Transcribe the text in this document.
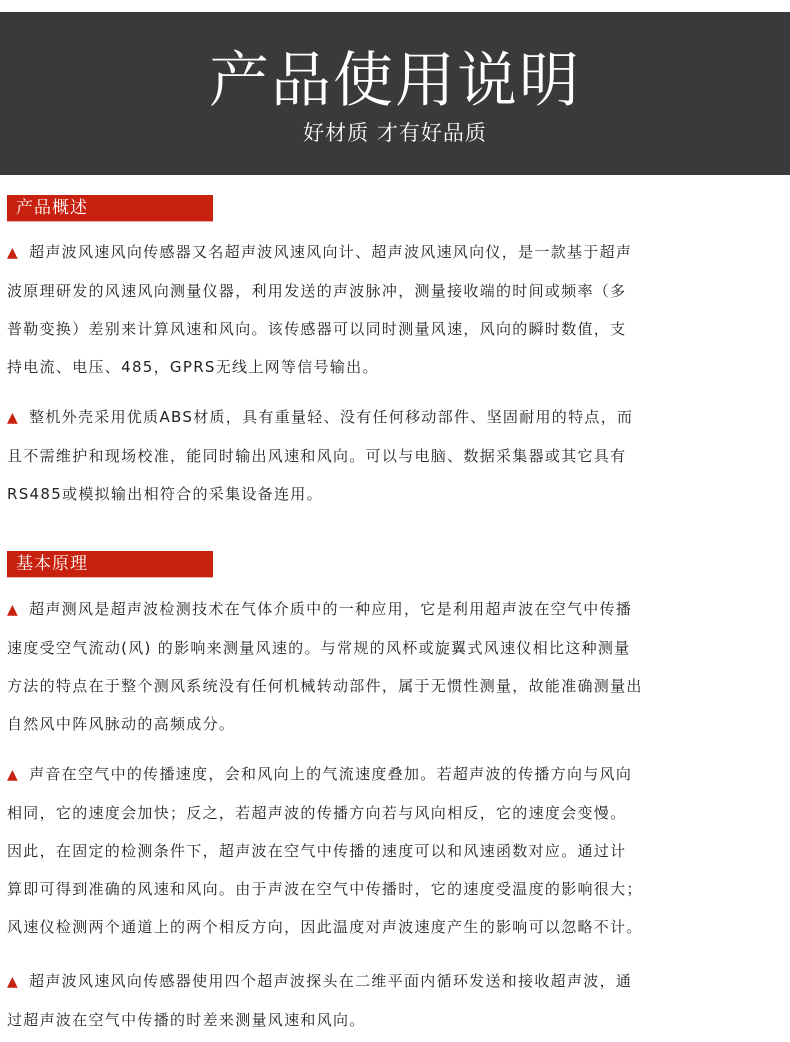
产品使用说明
好材质 才有好品质
产品概述
▲ 超声波风速风向传感器又名超声波风速风向计、超声波风速风向仪，是一款基于超声
波原理研发的风速风向测量仪器，利用发送的声波脉冲，测量接收端的时间或频率（多
普勒变换）差别来计算风速和风向。该传感器可以同时测量风速，风向的瞬时数值，支
持电流、电压、485，GPRS无线上网等信号输出。
▲ 整机外壳采用优质ABS材质，具有重量轻、没有任何移动部件、坚固耐用的特点，而
且不需维护和现场校准，能同时输出风速和风向。可以与电脑、数据采集器或其它具有
RS485或模拟输出相符合的采集设备连用。
基本原理
▲ 超声测风是超声波检测技术在气体介质中的一种应用，它是利用超声波在空气中传播
速度受空气流动(风) 的影响来测量风速的。与常规的风杯或旋翼式风速仪相比这种测量
方法的特点在于整个测风系统没有任何机械转动部件，属于无惯性测量，故能准确测量出
自然风中阵风脉动的高频成分。
▲ 声音在空气中的传播速度，会和风向上的气流速度叠加。若超声波的传播方向与风向
相同，它的速度会加快；反之，若超声波的传播方向若与风向相反，它的速度会变慢。
因此，在固定的检测条件下，超声波在空气中传播的速度可以和风速函数对应。通过计
算即可得到准确的风速和风向。由于声波在空气中传播时，它的速度受温度的影响很大；
风速仪检测两个通道上的两个相反方向，因此温度对声波速度产生的影响可以忽略不计。
▲ 超声波风速风向传感器使用四个超声波探头在二维平面内循环发送和接收超声波，通
过超声波在空气中传播的时差来测量风速和风向。
